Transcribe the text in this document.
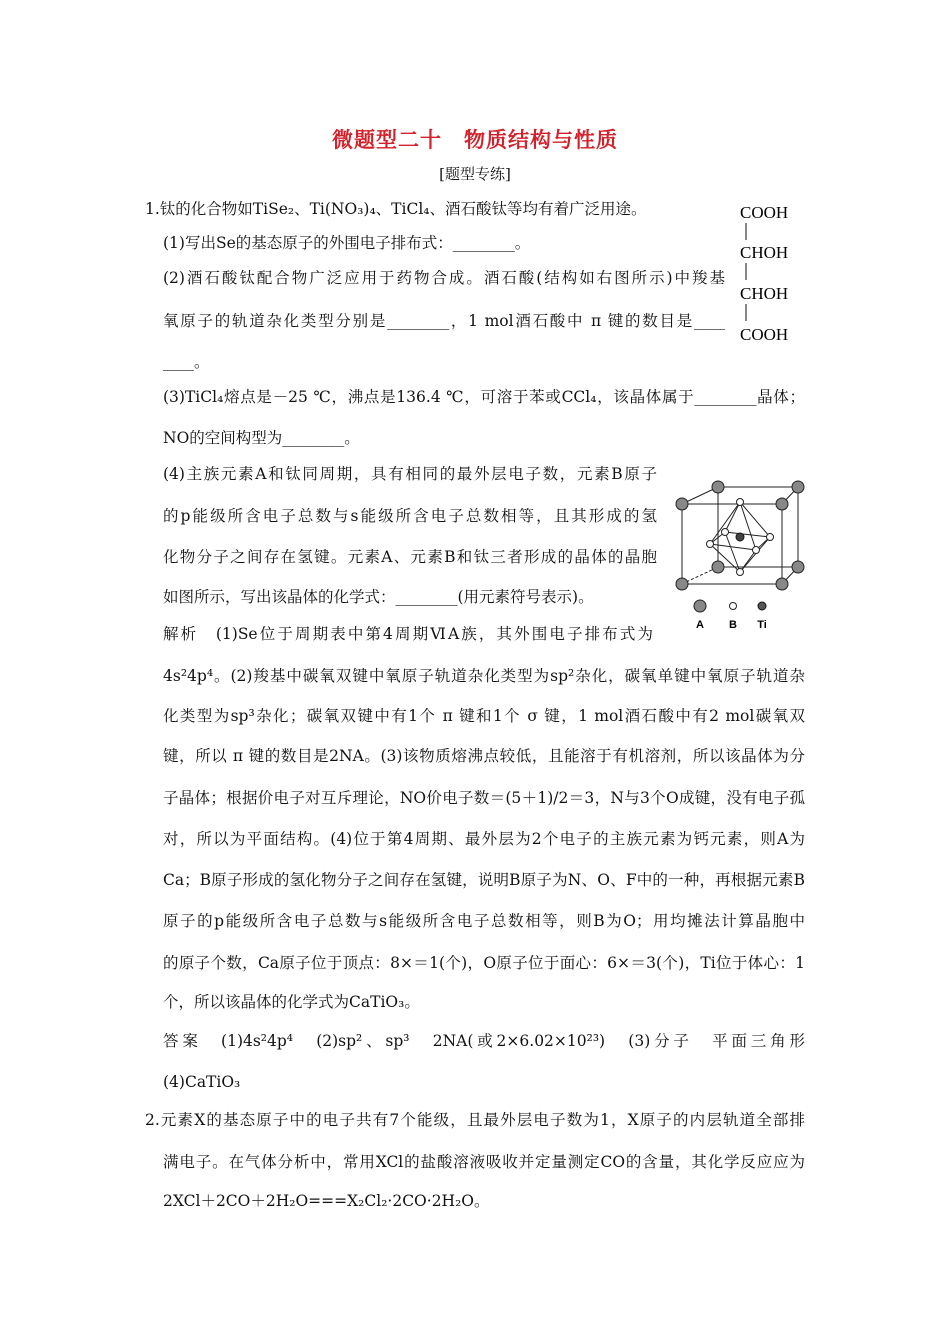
微题型二十　物质结构与性质
[题型专练]
1.钛的化合物如TiSe₂、Ti(NO₃)₄、TiCl₄、酒石酸钛等均有着广泛用途。
(1)写出Se的基态原子的外围电子排布式：________。
(2)酒石酸钛配合物广泛应用于药物合成。酒石酸(结构如右图所示)中羧基
氧原子的轨道杂化类型分别是________，1 mol酒石酸中 π 键的数目是____
____。
(3)TiCl₄熔点是－25 ℃，沸点是136.4 ℃，可溶于苯或CCl₄，该晶体属于________晶体；
NO的空间构型为________。
(4)主族元素A和钛同周期，具有相同的最外层电子数，元素B原子
的p能级所含电子总数与s能级所含电子总数相等，且其形成的氢
化物分子之间存在氢键。元素A、元素B和钛三者形成的晶体的晶胞
如图所示，写出该晶体的化学式：________(用元素符号表示)。
解析　(1)Se位于周期表中第4周期ⅥA族，其外围电子排布式为
4s²4p⁴。(2)羧基中碳氧双键中氧原子轨道杂化类型为sp²杂化，碳氧单键中氧原子轨道杂
化类型为sp³杂化；碳氧双键中有1个 π 键和1个 σ 键，1 mol酒石酸中有2 mol碳氧双
键，所以 π 键的数目是2NA。(3)该物质熔沸点较低，且能溶于有机溶剂，所以该晶体为分
子晶体；根据价电子对互斥理论，NO价电子数＝(5＋1)/2＝3，N与3个O成键，没有电子孤
对，所以为平面结构。(4)位于第4周期、最外层为2个电子的主族元素为钙元素，则A为
Ca；B原子形成的氢化物分子之间存在氢键，说明B原子为N、O、F中的一种，再根据元素B
原子的p能级所含电子总数与s能级所含电子总数相等，则B为O；用均摊法计算晶胞中
的原子个数，Ca原子位于顶点：8×＝1(个)，O原子位于面心：6×＝3(个)，Ti位于体心：1
个，所以该晶体的化学式为CaTiO₃。
答案　(1)4s²4p⁴　(2)sp²、sp³　2NA(或2×6.02×10²³)　(3)分子　平面三角形
(4)CaTiO₃
2.元素X的基态原子中的电子共有7个能级，且最外层电子数为1，X原子的内层轨道全部排
满电子。在气体分析中，常用XCl的盐酸溶液吸收并定量测定CO的含量，其化学反应应为
2XCl＋2CO＋2H₂O===X₂Cl₂·2CO·2H₂O。
COOH
CHOH
CHOH
COOH
A B Ti
